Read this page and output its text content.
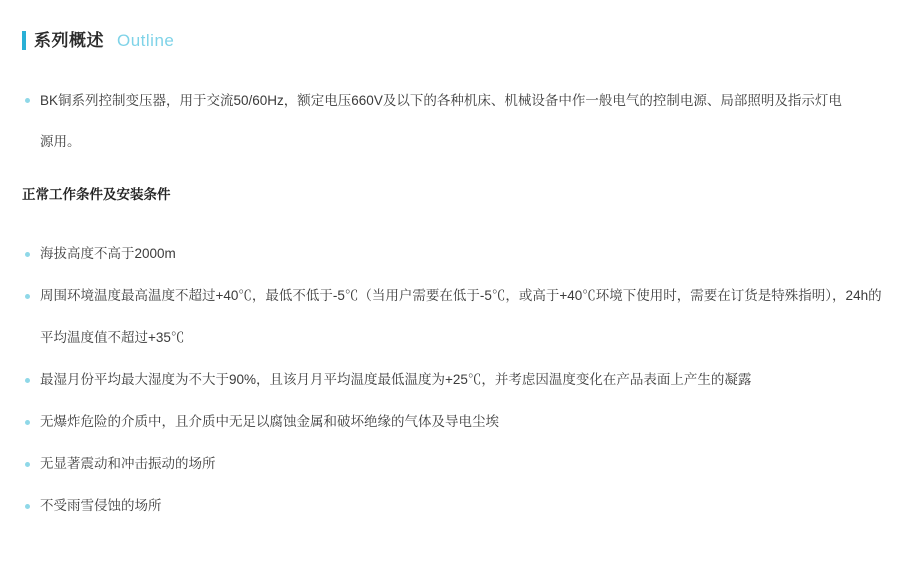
系列概述 Outline
BK铜系列控制变压器，用于交流50/60Hz，额定电压660V及以下的各种机床、机械设备中作一般电气的控制电源、局部照明及指示灯电源用。
正常工作条件及安装条件
海拔高度不高于2000m
周围环境温度最高温度不超过+40℃，最低不低于-5℃（当用户需要在低于-5℃，或高于+40℃环境下使用时，需要在订货是特殊指明），24h的平均温度值不超过+35℃
最湿月份平均最大湿度为不大于90%，且该月月平均温度最低温度为+25℃，并考虑因温度变化在产品表面上产生的凝露
无爆炸危险的介质中，且介质中无足以腐蚀金属和破坏绝缘的气体及导电尘埃
无显著震动和冲击振动的场所
不受雨雪侵蚀的场所
